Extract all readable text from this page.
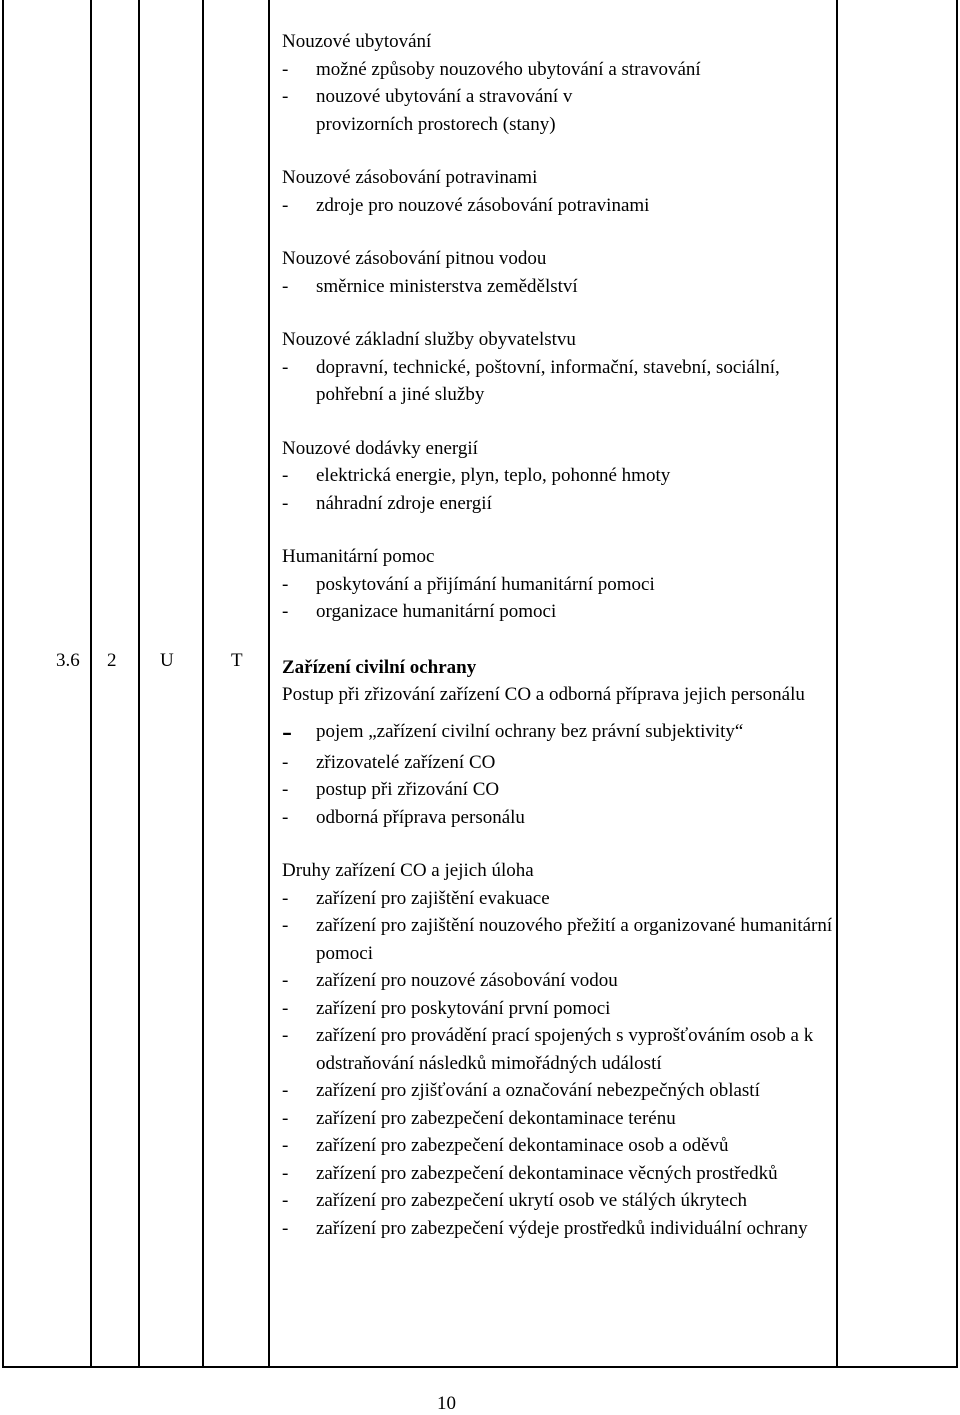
3.6 2 U	T
Nouzové ubytování
- možné způsoby nouzového ubytování a stravování
- nouzové ubytování a stravování v provizorních prostorech (stany)
Nouzové zásobování potravinami
- zdroje pro nouzové zásobování potravinami
Nouzové zásobování pitnou vodou
- směrnice ministerstva zemědělství
Nouzové základní služby obyvatelstvu
- dopravní, technické, poštovní, informační, stavební, sociální, pohřební a jiné služby
Nouzové dodávky energií
- elektrická energie, plyn, teplo, pohonné hmoty
- náhradní zdroje energií
Humanitární pomoc
- poskytování a přijímání humanitární pomoci
- organizace humanitární pomoci
Zařízení civilní ochrany
Postup při zřizování zařízení CO a odborná příprava jejich personálu
- pojem „zařízení civilní ochrany bez právní subjektivity“
- zřizovatelé zařízení CO
- postup při zřizování CO
- odborná příprava personálu
Druhy zařízení CO a jejich úloha
- zařízení pro zajištění evakuace
- zařízení pro zajištění nouzového přežití a organizované humanitární pomoci
- zařízení pro nouzové zásobování vodou
- zařízení pro poskytování první pomoci
- zařízení pro provádění prací spojených s vyprošťováním osob a k odstraňování následků mimořádných událostí
- zařízení pro zjišťování a označování nebezpečných oblastí
- zařízení pro zabezpečení dekontaminace terénu
- zařízení pro zabezpečení dekontaminace osob a oděvů
- zařízení pro zabezpečení dekontaminace věcných prostředků
- zařízení pro zabezpečení ukrytí osob ve stálých úkrytech
- zařízení pro zabezpečení výdeje prostředků individuální ochrany
10
